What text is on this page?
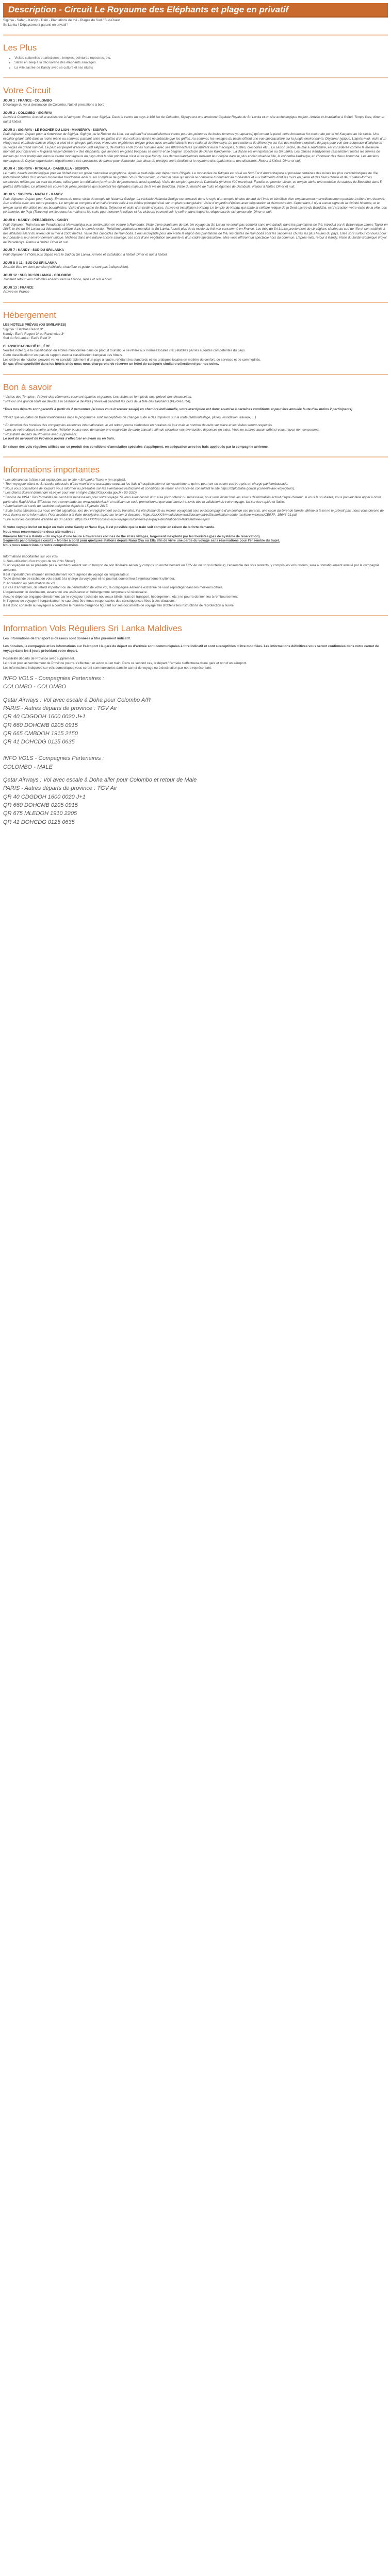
Description - Circuit Le Royaume des Eléphants et plage en privatif

Sigiriya - Safari - Kandy - Train - Plantations de thé - Plages du Sud / Sud-Ouest

Sri Lanka ! Dépaysement garanti en privatif !

Les Plus
• Visites culturelles et artistiques : temples, peintures rupestres, etc.
• Safari en Jeep à la découverte des éléphants sauvages
• La ville sacrée de Kandy avec sa culture et ses rituels
Votre Circuit

JOUR 1 : FRANCE - COLOMBO

Décollage du vol à destination de Colombo. Nuit et prestations à bord.

JOUR 2 : COLOMBO - SIGIRIYA

Arrivée à Colombo. Accueil et assistance à l’aéroport. Route pour Sigiriya. Dans le centre du pays à 160 km de Colombo, Sigiriya est une ancienne Capitale Royale du Sri Lanka et un site archéologique majeur. Arrivée et installation à l’hôtel. Temps libre, dîner et nuit à l’hôtel.

JOUR 3 : SIGIRIYA - LE ROCHER DU LION - MINNERIYA - SIGIRIYA

Petit-déjeuner. Départ pour la forteresse de Sigiriya. Sigiriya, ou le Rocher du Lion, est aujourd’hui essentiellement connu pour les peintures de belles femmes (ou apsaras) qui ornent la paroi, cette forteresse fut construite par le roi Kasyapa au Ve siècle. Une escalier géant taillé dans la roche mène au sommet, passant entre les pattes d’un lion colossal dont il ne subsiste que les griffes. Au sommet, les vestiges du palais offrent une vue spectaculaire sur la jungle environnante. Déjeuner typique. L’après-midi, visite d’un village rural et balade dans le village à pied et en pirogue puis vous vivrez une expérience unique grâce avec un safari dans le parc national de Minneriya. Le parc national de Minneriya est l’un des meilleurs endroits du pays pour voir des troupeaux d’éléphants sauvages en grand nombre. Le parc est peuplé d’environ 200 éléphants, de lorikets et de zones humides avec ses 8889 hectares qui abritent aussi macaques, buffles, crocodiles etc... La saison sèche, de mai à septembre, est considérée comme la meilleure moment pour observer « le grand rassemblement » des éléphants, qui viennent en grand troupeau se nourrir et se baigner. Spectacle de Danse Kandyenne : La danse est omniprésente au Sri Lanka. Les danses Kandyennes rassemblent toutes les formes de danses qui sont pratiquées dans le centre montagneux du pays dont la ville principale n’est autre que Kandy. Les danses kandyennes trouvent leur origine dans le plus ancien rituel de l’île, le kohomba kankariya, en l’honneur des dieux kohomba. Les anciens monarques de Ceylan organisaient régulièrement ces spectacles de danse pour demander aux dieux de protéger leurs familles et le royaume des épidémies et des désastres. Retour à l’hôtel. Dîner et nuit.

JOUR 4 : SIGIRIYA - RITIGALA - DAMBULLA - SIGIRIYA

Le matin, balade ornithologique près de l’hôtel avec un guide naturaliste anglophone. Après le petit-déjeuner départ vers Ritigala. Le monastère de Ritigala est situé au Sud-Est d’Anuradhapura et possède certaines des ruines les plus caractéristiques de l’île, notamment celles d’un ancien monastère bouddhiste ainsi qu’un complexe de grottes. Vous découvrirez un chemin pavé qui monte le complexe monument au monastère et aux bâtiments dont les murs en pierre et des bains d’huile et deux plates-formes surélevées reliées par un pont de pierre, utilisé pour la méditation (environ 2h de promenade aussi sportive). Visite du temple rupestre de Dambulla (environ 400 marches). Fondée au premier siècle, ce temple abrite une centaine de statues de Bouddha dans 5 grottes différentes. Le plafond est couvert de jolies peintures qui racontent les épisodes majeurs de la vie de Bouddha. Visite du marché de fruits et légumes de Dambulla. Retour à l’hôtel. Dîner et nuit.

JOUR 5 : SIGIRIYA - MATALE - KANDY

Petit-déjeuner. Départ pour Kandy. En cours de route, visite du temple de Nalanda Gedige. La véritable Nalanda Gedige est construit dans le style d’un temple hindou du sud de l’Inde et bénéficie d’un emplacement merveilleusement paisible à côté d’un réservoir. Aux artificiel avec une heure pratique. Le temple se compose d’un hall d’entrée relié à un édifice principal situé sur un plan rectangulaire. Visite d’un jardin d’épices avec dégustation et démonstration. Cependant, il n’y a aucun signe de la divinité hindoue, et le temple aurait été utilisé par les bouddhistes. Visite d’une usine de Batik. Déjeuner et visite d’un jardin d’épices. Arrivée et installation à Kandy. Le temple de Kandy, qui abrite la célèbre relique de la Dent sacrée du Bouddha, est l’attraction votre visite de la ville. Les cérémonies de Puja (Thevava) ont lieu tous les matins et les soirs pour honorer la relique et les visiteurs peuvent voir le coffret dans lequel la relique sacrée est conservée. Dîner et nuit.

JOUR 6 : KANDY - PERADENIYA - KANDY

Petit-déjeuner. Train local de Peradeniya à Nawalapitiya puis continuation en voiture à Ramboda. Visite d’une plantation de thé. Un voyage au Sri Lanka ne serait pas complet sans une balade dans les plantations de thé, introduit par le Britannique James Taylor en 1867, le thé du Sri Lanka est désormais célèbre dans le monde entier. Troisième producteur mondial, le Sri Lanka, fournit plus de la moitié du thé noir consommé en France. Les thés du Sri Lanka proviennent de six régions situées au sud de l’île et sont cultivés à des altitudes allant du niveau de la mer à 2500 mètres. Visite des cascades de Ramboda. L’eau incroyable pour aux visite la région des plantations de thé, les chutes de Ramboda sont les septièmes chutes les plus hautes du pays. Elles sont surtout connues pour leur beauté et leur environnement unique. Nichées dans une nature encore sauvage, ces sont d’une végétation luxuriante et d’un cadre spectaculaire, elles vous offriront un spectacle hors du commun. L’après-midi, retour à Kandy. Visite du Jardin Botanique Royal de Peradeniya. Retour à l’hôtel. Dîner et nuit.

JOUR 7 : KANDY - SUD DU SRI LANKA

Petit-déjeuner à l’hôtel puis départ vers le Sud du Sri Lanka. Arrivée et installation à l’hôtel. Dîner et nuit à l’hôtel.

JOUR 8 A 11 : SUD DU SRI LANKA

Journée libre en demi-pension (véhicule, chauffeur et guide ne sont pas à disposition).

JOUR 12 : SUD DU SRI LANKA - COLOMBO

Transfert retour vers Colombo et envol vers la France, repas et nuit à bord.

JOUR 13 : FRANCE

Arrivée en France

Hébergement

LES HOTELS PRÉVUS (OU SIMILAIRES)

Sigiriya : Elephas Resort 3*

Kandy : Earl’s Regent 3* ou Randholee 3*

Sud du Sri Lanka : Earl’s Reef 3*

CLASSIFICATION HÔTELIÈRE

Veuillez noter que la classification en étoiles mentionnée dans ce produit touristique se réfère aux normes locales (NL) établies par les autorités compétentes du pays.

Cette classification n’est pas de rapport avec la classification française des hôtels.

Les critères de notation peuvent varier considérablement d’un pays à l’autre, reflétant les standards et les pratiques locales en matière de confort, de services et de commodités.

En cas d’indisponibilité dans les hôtels cités nous nous chargerons de réserver un hôtel de catégorie similaire sélectionné par nos soins.

Bon à savoir

* Visites des Temples : Prévoir des vêtements couvrant épaules et genoux. Les visites se font pieds nus, prévoir des chaussettes.

* Prévoir une grande foule de dévots à la cérémonie de Puja (Thevava) pendant les jours de la fête des éléphants (PERAHERA).

*Tous nos départs sont garantis à partir de 2 personnes (si vous vous inscrivez seul(e) en chambre individuelle, votre inscription est donc soumise à certaines conditions et peut être annulée faute d’au moins 2 participants)

*Notez que les dates de trajet mentionnées dans le programme sont susceptibles de changer suite à des imprévus sur la route (embouteillage, pluies, inondation, travaux, ...)

* En fonction des horaires des compagnies aériennes internationales, le vol retour pourra s’effectuer en horaires de jour mais le nombre de nuits sur place et les visites seront respectés.

* Lors de votre départ à votre arrivée, l’hôtelier pourra vous demander une empreinte de carte bancaire afin de sécuriser vos éventuelles dépenses en extra. Vous ne subirez aucun débit si vous n’avez rien consommé.

* Possibilité départs de Province avec supplément.

Le port de aéroport de Province pourra s’effectuer en avion ou en train.

En raison des vols réguliers utilisés sur ce produit des conditions d’annulation spéciales s’appliquent, en adéquation avec les frais appliqués par la compagnie aérienne.

Informations importantes

* Les démarches à faire sont expliquées sur le site « Sri Lanka Travel » (en anglais).

* Tout voyageur allant au Sri Lanka nécessite d’être muni d’une assurance couvrant les frais d’hospitalisation et de rapatriement, qui ne pourront en aucun cas être pris en charge par l’ambassade.

* Nous vous conseillons de toujours vous informer au préalable sur les éventuelles restrictions et conditions de retour en France en consultant le site https://diplomatie.gouv.fr (conseils-aux-voyageurs).

* Les clients doivent demander et payer pour leur en ligne (http://XXXX.eta.gov.lk / 50 USD)

* Service de VISA : Des formalités peuvent être nécessaires pour votre voyage. Si vous avez besoin d’un visa pour obtenir ou nécessaire, pour vous éviter tous les soucis de formalités et tout risque d’erreur, si vous le souhaitez, vous pouvez faire appel à notre partenaire RapideVisa. Effectuez votre commande sur www.rapidevisa.fr en utilisant un code promotionnel que vous aurez transmis dès la validation de votre voyage. Un service rapide et fiable.

* Autorisation de sortie du territoire obligatoire depuis le 15 janvier 2017.

* Suite à des situations qui nous ont été signalées, lors de l’enregistrement ou du transfert, il a été demandé au mineur voyageant seul ou accompagné d’un seul de ses parents, une copie du livret de famille. Même si la loi ne le prévoit pas, nous vous devons de vous donner cette information. Pour accéder à la fiche descriptive, tapez sur le lien ci-dessous : https://XXXX/fr/media/download/document/pdf/autorisation-sortie-territoire-mineurs/CERFA_15646-01.pdf

* Lire aussi les conditions d’entrée au Sri Lanka : https://XXXX/fr/conseils-aux-voyageurs/conseils-par-pays-destination/sri-lanka/entree-sejour

Si votre voyage inclut un trajet en train entre Kandy et Nanu Oya, il est possible que le train soit complet en raison de la forte demande.

Nous vous recommandons deux alternatives :

Itinéraire Matale à Kandy – Un voyage d’une heure à travers les collines de thé et les villages, largement inexploité par les touristes (pas de système de réservation).

Segments panoramiques courts – Monter à bord pour quelques stations depuis Nanu Oya ou Ella afin de vivre une partie du voyage sans réservations pour l’ensemble du trajet.

Nous vous remercions de votre compréhension.

Informations importantes sur vos vols

1. Non-utilisation d’un tronçon de vol (“No Show”)

Si un voyageur ne se présente pas à l’embarquement sur un tronçon de son itinéraire aérien (y compris un enchaînement en TGV Air ou un vol intérieur), l’ensemble des vols restants, y compris les vols retours, sera automatiquement annulé par la compagnie aérienne.

Il est impératif d’en informer immédiatement votre agence de voyage ou l’organisateur.

Toute demande de rachat de vols serait à la charge du voyageur et ne pourrait donner lieu à remboursement ultérieur.

2. Annulation ou perturbation de vol

En cas d’annulation, de retard important ou de perturbation de votre vol, la compagnie aérienne est tenue de vous reprotéger dans les meilleurs délais.

L’organisateur, le destination, assurance une assistance un hébergement temporaire si nécessaire.

Aucune dépense engagée directement par le voyageur (achat de nouveaux billets, frais de transport, hébergement, etc.) ne pourra donner lieu à remboursement.

Ni l’agence de voyage ni l’organisateur ne sauraient être tenus responsables des conséquences liées à ces situations.

Il est donc conseillé au voyageur à contacter le numéro d’urgence figurant sur ses documents de voyage afin d’obtenir les instructions de reprotection à suivre.

Information Vols Réguliers Sri Lanka Maldives

Les informations de transport ci-dessous sont données à titre purement indicatif.

Les horaires, la compagnie et les informations sur l’aéroport / la gare de départ ou d’arrivée sont communiquées à titre indicatif et sont susceptibles d’être modifiées. Les informations définitives vous seront confirmées dans votre carnet de voyage dans les 8 jours précédant votre départ.

Possibilité départs de Province avec supplément.

Le pré et post acheminement de Province pourra s’effectuer en avion ou en train. Dans ce second cas, le départ / l’arrivée s’effectuera d’une gare et non d’un aéroport.

Les informations indiquées sur vols domestiques vous seront communiquées dans le carnet de voyage ou à destination par notre représentant.

INFO VOLS - Compagnies Partenaires :

COLOMBO - COLOMBO

Qatar Airways : Vol avec escale à Doha pour Colombo A/R

PARIS - Autres départs de province : TGV Air

QR 40 CDGDOH 1600 0020 J+1

QR 660 DOHCMB 0205 0915

QR 665 CMBDOH 1915 2150

QR 41 DOHCDG 0125 0635

INFO VOLS - Compagnies Partenaires :

COLOMBO - MALE

Qatar Airways : Vol avec escale à Doha aller pour Colombo et retour de Male

PARIS - Autres départs de province : TGV Air

QR 40 CDGDOH 1600 0020 J+1

QR 660 DOHCMB 0205 0915

QR 675 MLEDOH 1910 2205

QR 41 DOHCDG 0125 0635
